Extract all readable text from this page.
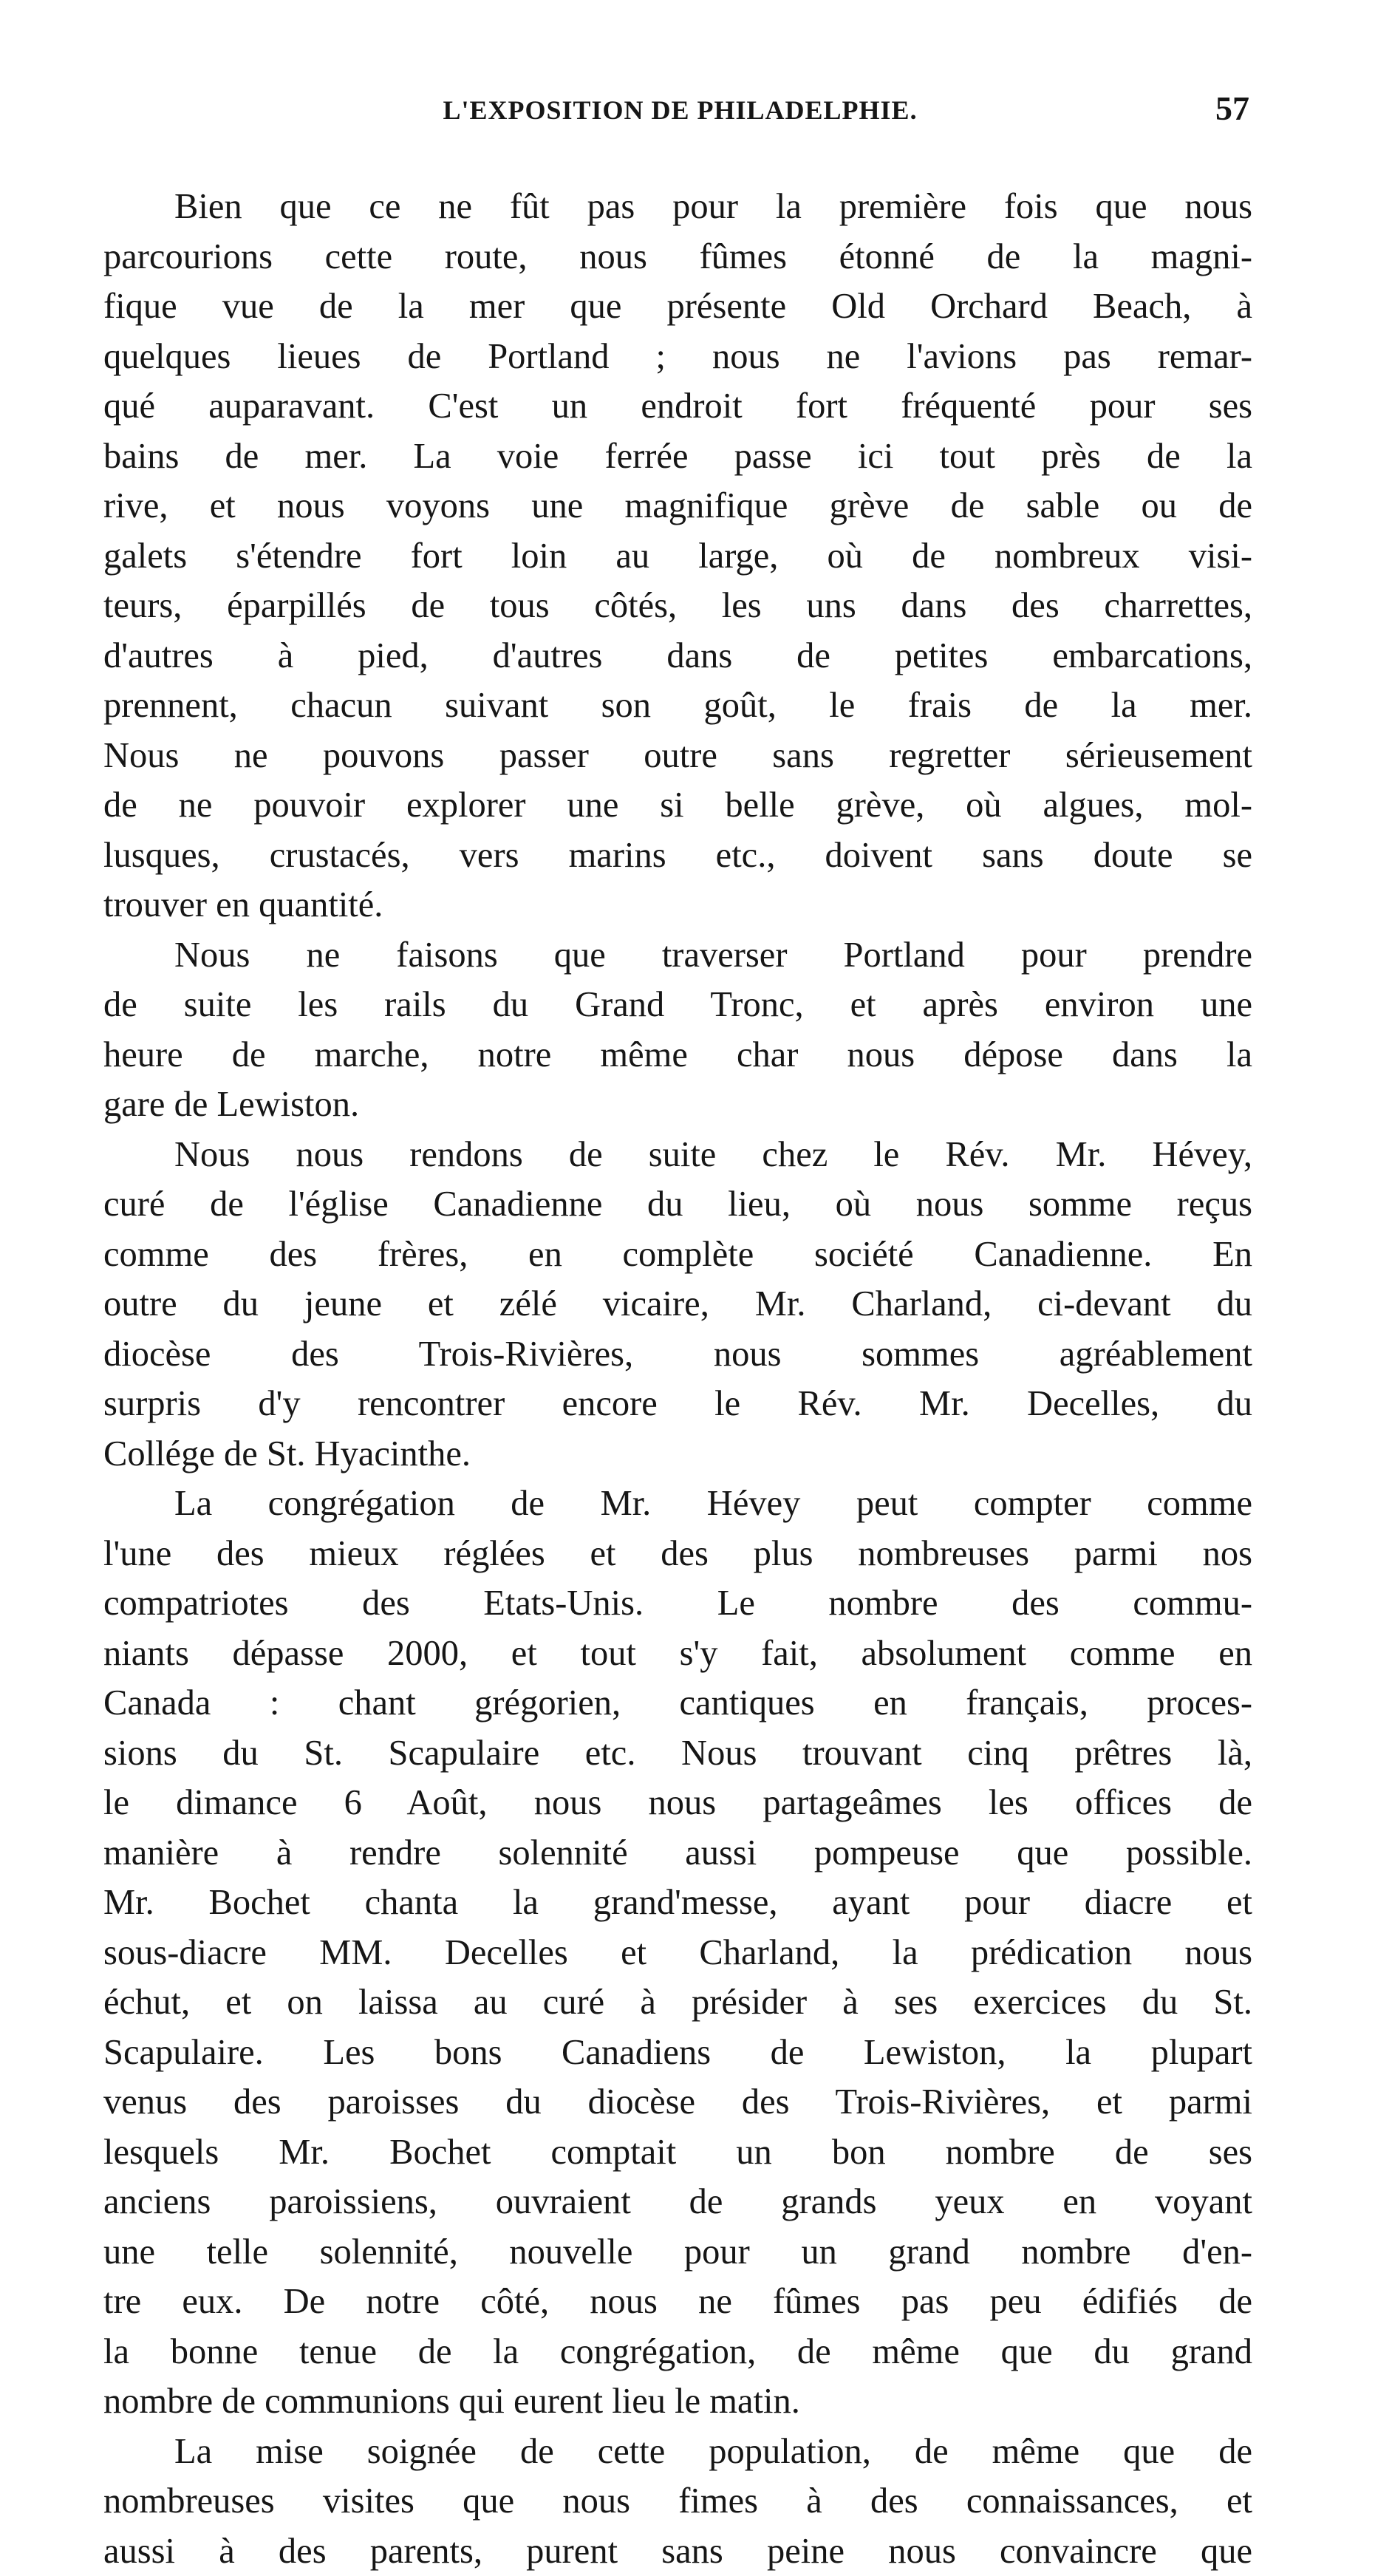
L'EXPOSITION DE PHILADELPHIE.	57

Bien que ce ne fût pas pour la première fois que nous
parcourions cette route, nous fûmes étonné de la magni-
fique vue de la mer que présente Old Orchard Beach, à
quelques lieues de Portland ; nous ne l'avions pas remar-
qué auparavant. C'est un endroit fort fréquenté pour ses
bains de mer. La voie ferrée passe ici tout près de la
rive, et nous voyons une magnifique grève de sable ou de
galets s'étendre fort loin au large, où de nombreux visi-
teurs, éparpillés de tous côtés, les uns dans des charrettes,
d'autres à pied, d'autres dans de petites embarcations,
prennent, chacun suivant son goût, le frais de la mer.
Nous ne pouvons passer outre sans regretter sérieusement
de ne pouvoir explorer une si belle grève, où algues, mol-
lusques, crustacés, vers marins etc., doivent sans doute se
trouver en quantité.

Nous ne faisons que traverser Portland pour prendre
de suite les rails du Grand Tronc, et après environ une
heure de marche, notre même char nous dépose dans la
gare de Lewiston.

Nous nous rendons de suite chez le Rév. Mr. Hévey,
curé de l'église Canadienne du lieu, où nous somme reçus
comme des frères, en complète société Canadienne. En
outre du jeune et zélé vicaire, Mr. Charland, ci-devant du
diocèse des Trois-Rivières, nous sommes agréablement
surpris d'y rencontrer encore le Rév. Mr. Decelles, du
Collége de St. Hyacinthe.

La congrégation de Mr. Hévey peut compter comme
l'une des mieux réglées et des plus nombreuses parmi nos
compatriotes des Etats-Unis. Le nombre des commu-
niants dépasse 2000, et tout s'y fait, absolument comme en
Canada : chant grégorien, cantiques en français, proces-
sions du St. Scapulaire etc. Nous trouvant cinq prêtres là,
le dimance 6 Août, nous nous partageâmes les offices de
manière à rendre solennité aussi pompeuse que possible.
Mr. Bochet chanta la grand'messe, ayant pour diacre et
sous-diacre MM. Decelles et Charland, la prédication nous
échut, et on laissa au curé à présider à ses exercices du St.
Scapulaire. Les bons Canadiens de Lewiston, la plupart
venus des paroisses du diocèse des Trois-Rivières, et parmi
lesquels Mr. Bochet comptait un bon nombre de ses
anciens paroissiens, ouvraient de grands yeux en voyant
une telle solennité, nouvelle pour un grand nombre d'en-
tre eux. De notre côté, nous ne fûmes pas peu édifiés de
la bonne tenue de la congrégation, de même que du grand
nombre de communions qui eurent lieu le matin.

La mise soignée de cette population, de même que de
nombreuses visites que nous fimes à des connaissances, et
aussi à des parents, purent sans peine nous convaincre que
